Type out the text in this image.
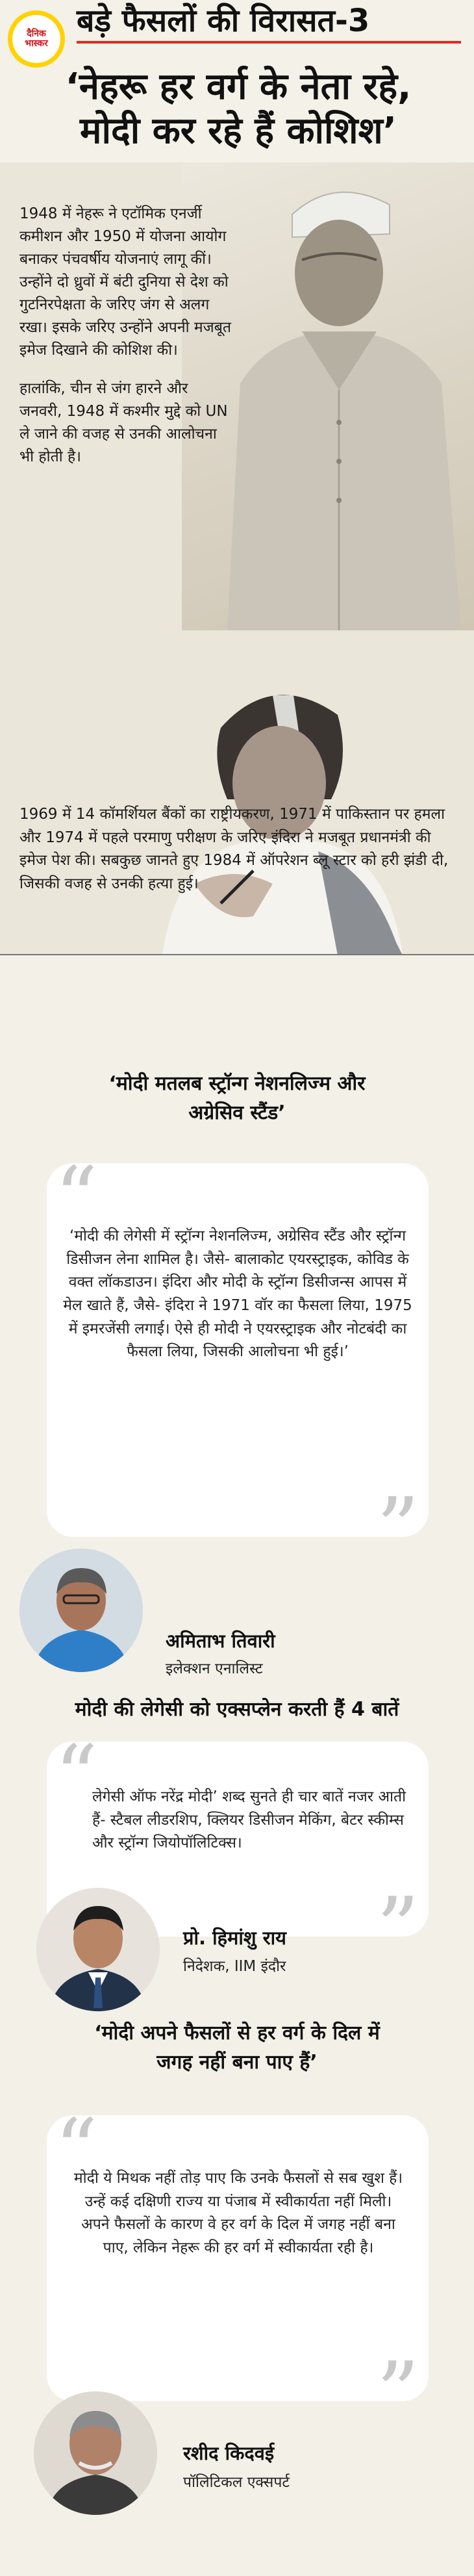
दैनिक
भास्कर
बड़े फैसलों की विरासत-3
‘नेहरू हर वर्ग के नेता रहे,
मोदी कर रहे हैं कोशिश’

1948 में नेहरू ने एटॉमिक एनर्जी कमीशन और 1950 में योजना आयोग बनाकर पंचवर्षीय योजनाएं लागू कीं। उन्होंने दो ध्रुवों में बंटी दुनिया से देश को गुटनिरपेक्षता के जरिए जंग से अलग रखा। इसके जरिए उन्होंने अपनी मजबूत इमेज दिखाने की कोशिश की।

हालांकि, चीन से जंग हारने और जनवरी, 1948 में कश्मीर मुद्दे को UN ले जाने की वजह से उनकी आलोचना भी होती है।

1969 में 14 कॉमर्शियल बैंकों का राष्ट्रीयकरण, 1971 में पाकिस्तान पर हमला और 1974 में पहले परमाणु परीक्षण के जरिए इंदिरा ने मजबूत प्रधानमंत्री की इमेज पेश की। सबकुछ जानते हुए 1984 में ऑपरेशन ब्लू स्टार को हरी झंडी दी, जिसकी वजह से उनकी हत्या हुई।
‘मोदी मतलब स्ट्रॉन्ग नेशनलिज्म और
अग्रेसिव स्टैंड’
“
‘मोदी की लेगेसी में स्ट्रॉन्ग नेशनलिज्म, अग्रेसिव स्टैंड और स्ट्रॉन्ग डिसीजन लेना शामिल है। जैसे- बालाकोट एयरस्ट्राइक, कोविड के वक्त लॉकडाउन। इंदिरा और मोदी के स्ट्रॉन्ग डिसीजन्स आपस में मेल खाते हैं, जैसे- इंदिरा ने 1971 वॉर का फैसला लिया, 1975 में इमरजेंसी लगाई। ऐसे ही मोदी ने एयरस्ट्राइक और नोटबंदी का फैसला लिया, जिसकी आलोचना भी हुई।’
”
अमिताभ तिवारी
इलेक्शन एनालिस्ट
मोदी की लेगेसी को एक्सप्लेन करती हैं 4 बातें
“
लेगेसी ऑफ नरेंद्र मोदी’ शब्द सुनते ही चार बातें नजर आती हैं- स्टैबल लीडरशिप, क्लियर डिसीजन मेकिंग, बेटर स्कीम्स और स्ट्रॉन्ग जियोपॉलिटिक्स।
”
प्रो. हिमांशु राय
निदेशक, IIM इंदौर
‘मोदी अपने फैसलों से हर वर्ग के दिल में
जगह नहीं बना पाए हैं’
“
मोदी ये मिथक नहीं तोड़ पाए कि उनके फैसलों से सब खुश हैं। उन्हें कई दक्षिणी राज्य या पंजाब में स्वीकार्यता नहीं मिली। अपने फैसलों के कारण वे हर वर्ग के दिल में जगह नहीं बना पाए, लेकिन नेहरू की हर वर्ग में स्वीकार्यता रही है।
”
रशीद किदवई
पॉलिटिकल एक्सपर्ट
